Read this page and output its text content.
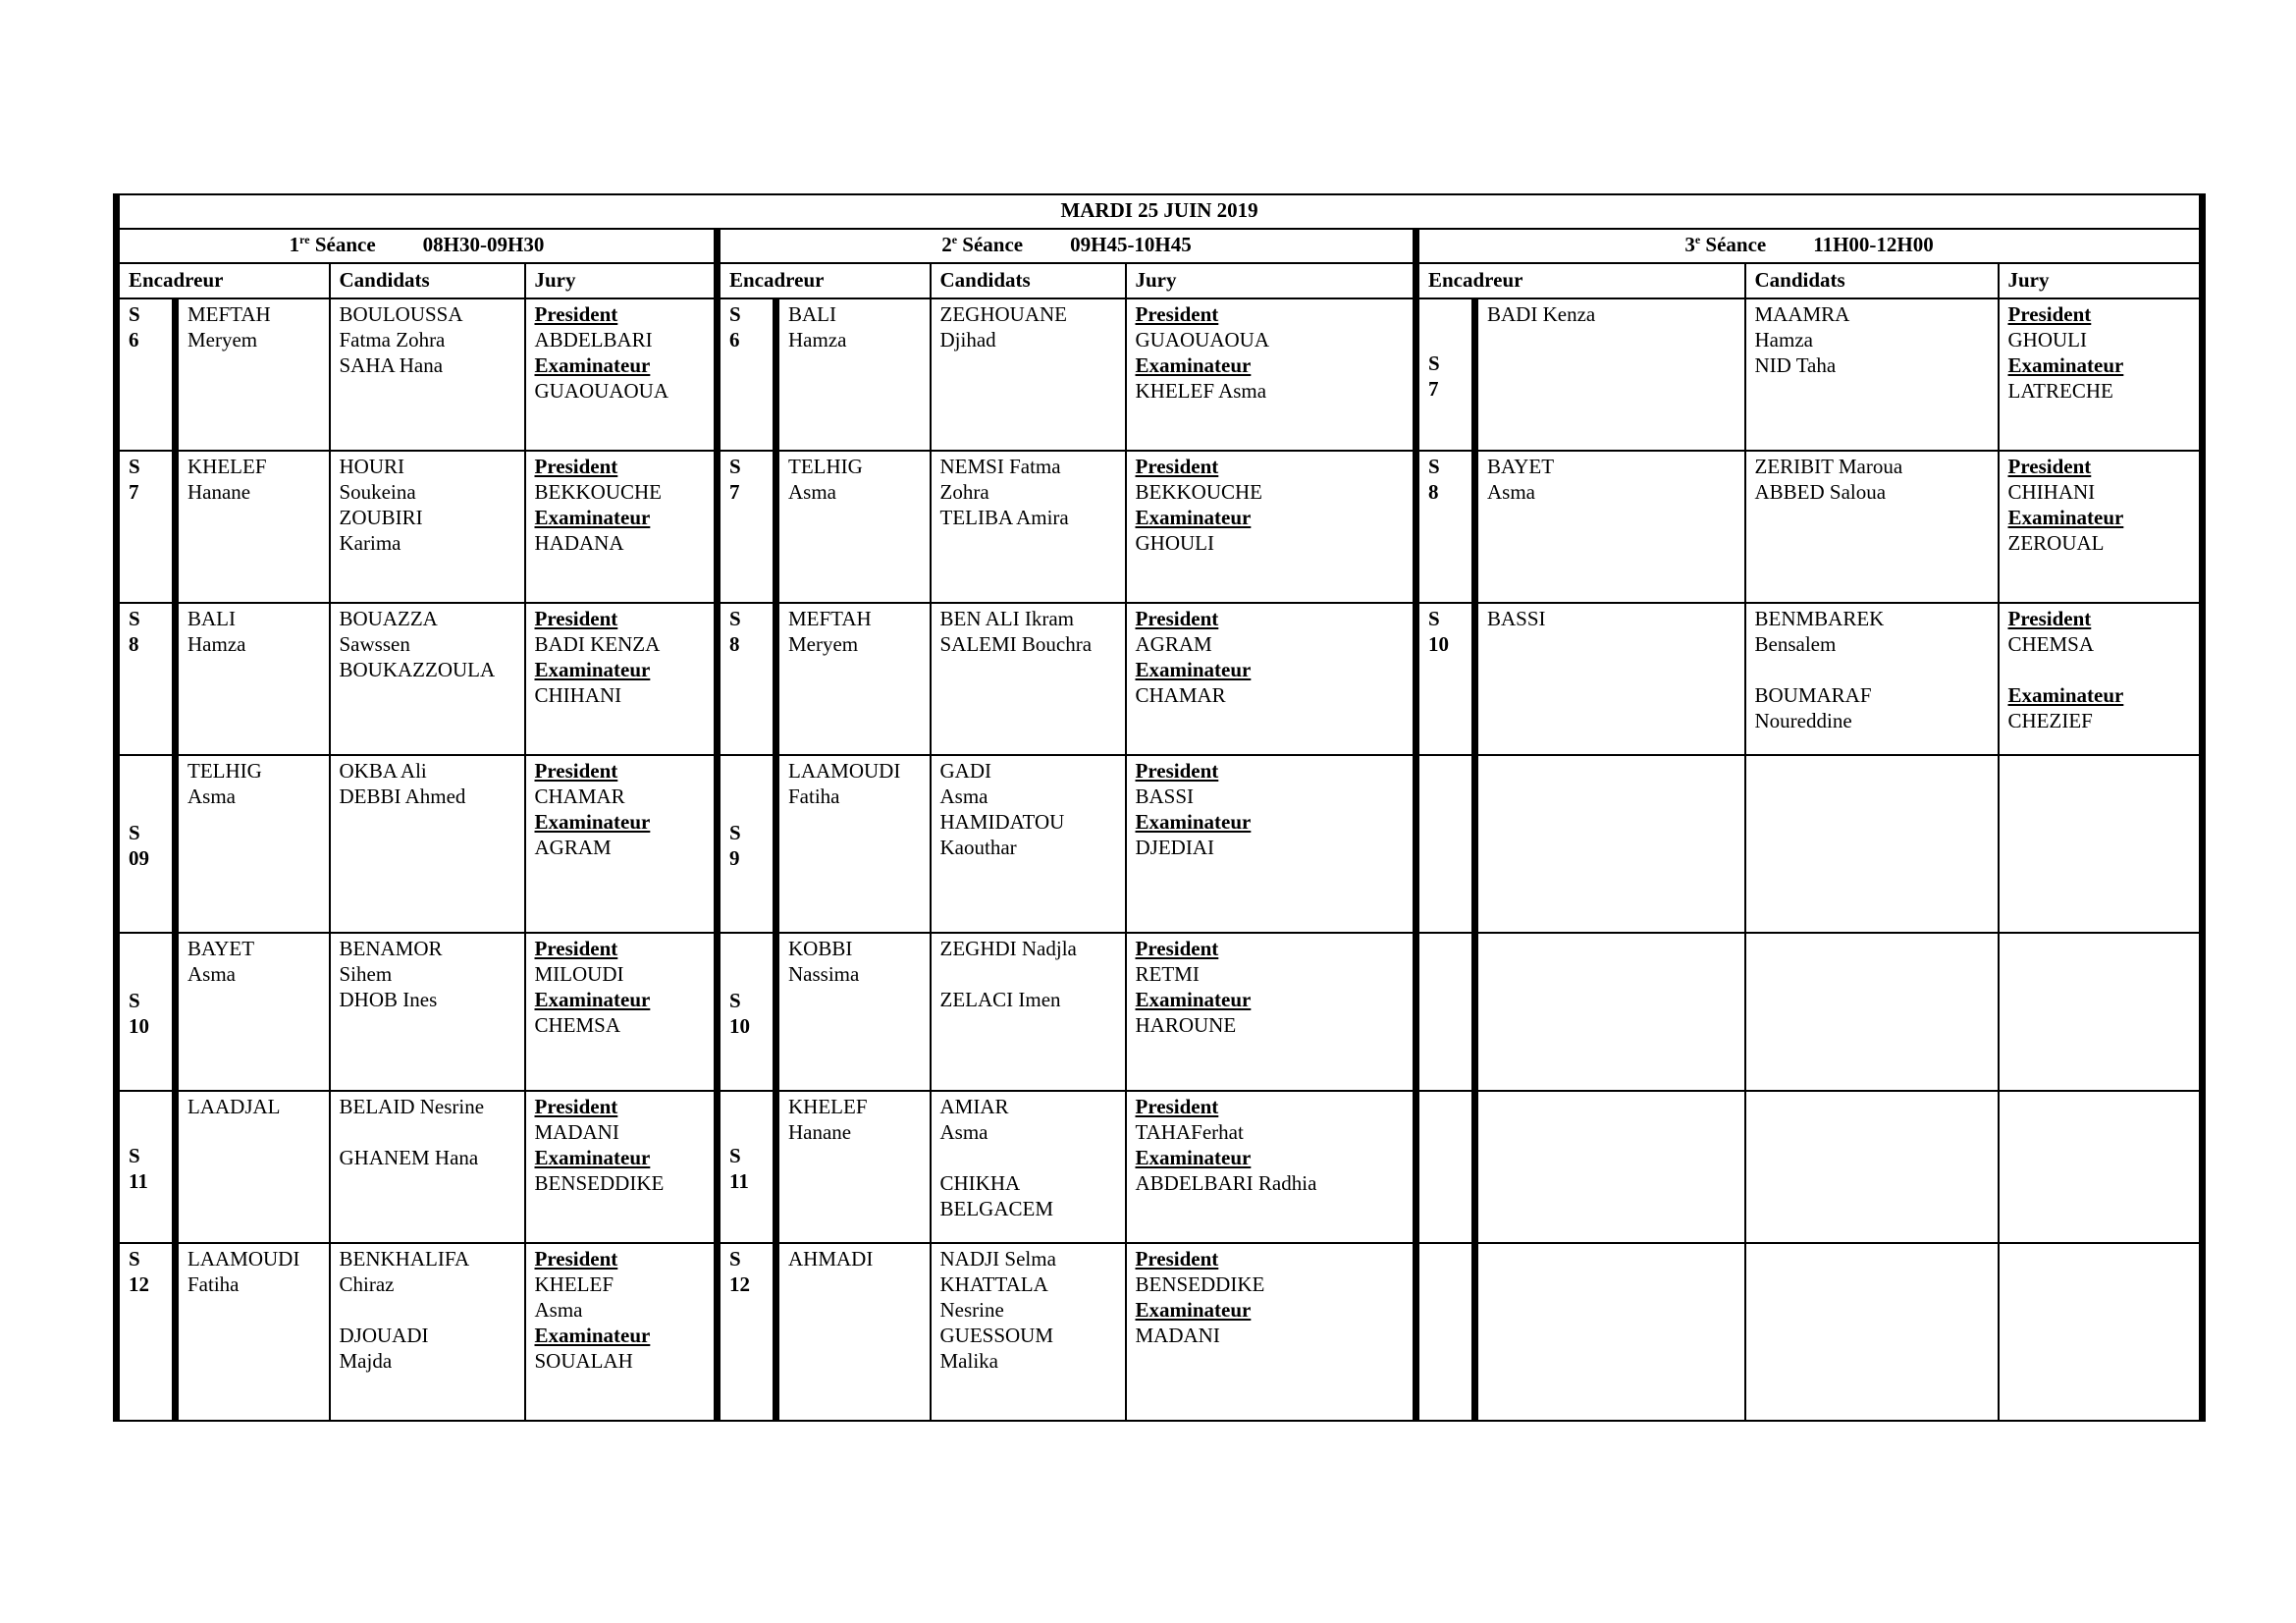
MARDI 25 JUIN 2019											
1re Séance 08H30-09H30				2e Séance 09H45-10H45				3e Séance 11H00-12H00			
Encadreur		Candidats	Jury	Encadreur		Candidats	Jury	Encadreur		Candidats	Jury

S
6	MEFTAH
Meryem	BOULOUSSA
Fatma Zohra
SAHA Hana	President
ABDELBARI
Examinateur
GUAOUAOUA	S
6	BALI
Hamza	ZEGHOUANE
Djihad	President
GUAOUAOUA
Examinateur
KHELEF Asma	S
7	BADI Kenza	MAAMRA
Hamza
NID Taha	President
GHOULI
Examinateur
LATRECHE

S
7	KHELEF
Hanane	HOURI
Soukeina
ZOUBIRI
Karima	President
BEKKOUCHE
Examinateur
HADANA	S
7	TELHIG
Asma	NEMSI Fatma
Zohra
TELIBA Amira	President
BEKKOUCHE
Examinateur
GHOULI	S
8	BAYET
Asma	ZERIBIT Maroua
ABBED Saloua	President
CHIHANI
Examinateur
ZEROUAL

S
8	BALI
Hamza	BOUAZZA
Sawssen
BOUKAZZOULA	President
BADI KENZA
Examinateur
CHIHANI	S
8	MEFTAH
Meryem	BEN ALI Ikram
SALEMI Bouchra	President
AGRAM
Examinateur
CHAMAR	S
10	BASSI	BENMBAREK
Bensalem
BOUMARAF
Noureddine	President
CHEMSA
Examinateur
CHEZIEF

S
09	TELHIG
Asma	OKBA Ali
DEBBI Ahmed	President
CHAMAR
Examinateur
AGRAM	S
9	LAAMOUDI
Fatiha	GADI
Asma
HAMIDATOU
Kaouthar	President
BASSI
Examinateur
DJEDIAI				

S
10	BAYET
Asma	BENAMOR
Sihem
DHOB Ines	President
MILOUDI
Examinateur
CHEMSA	S
10	KOBBI
Nassima	ZEGHDI Nadjla
ZELACI Imen	President
RETMI
Examinateur
HAROUNE				

S
11	LAADJAL	BELAID Nesrine
GHANEM Hana	President
MADANI
Examinateur
BENSEDDIKE	S
11	KHELEF
Hanane	AMIAR
Asma
CHIKHA
BELGACEM	President
TAHAFerhat
Examinateur
ABDELBARI Radhia				

S
12	LAAMOUDI
Fatiha	BENKHALIFA
Chiraz
DJOUADI
Majda	President
KHELEF
Asma
Examinateur
SOUALAH	S
12	AHMADI	NADJI Selma
KHATTALA
Nesrine
GUESSOUM
Malika	President
BENSEDDIKE
Examinateur
MADANI				
